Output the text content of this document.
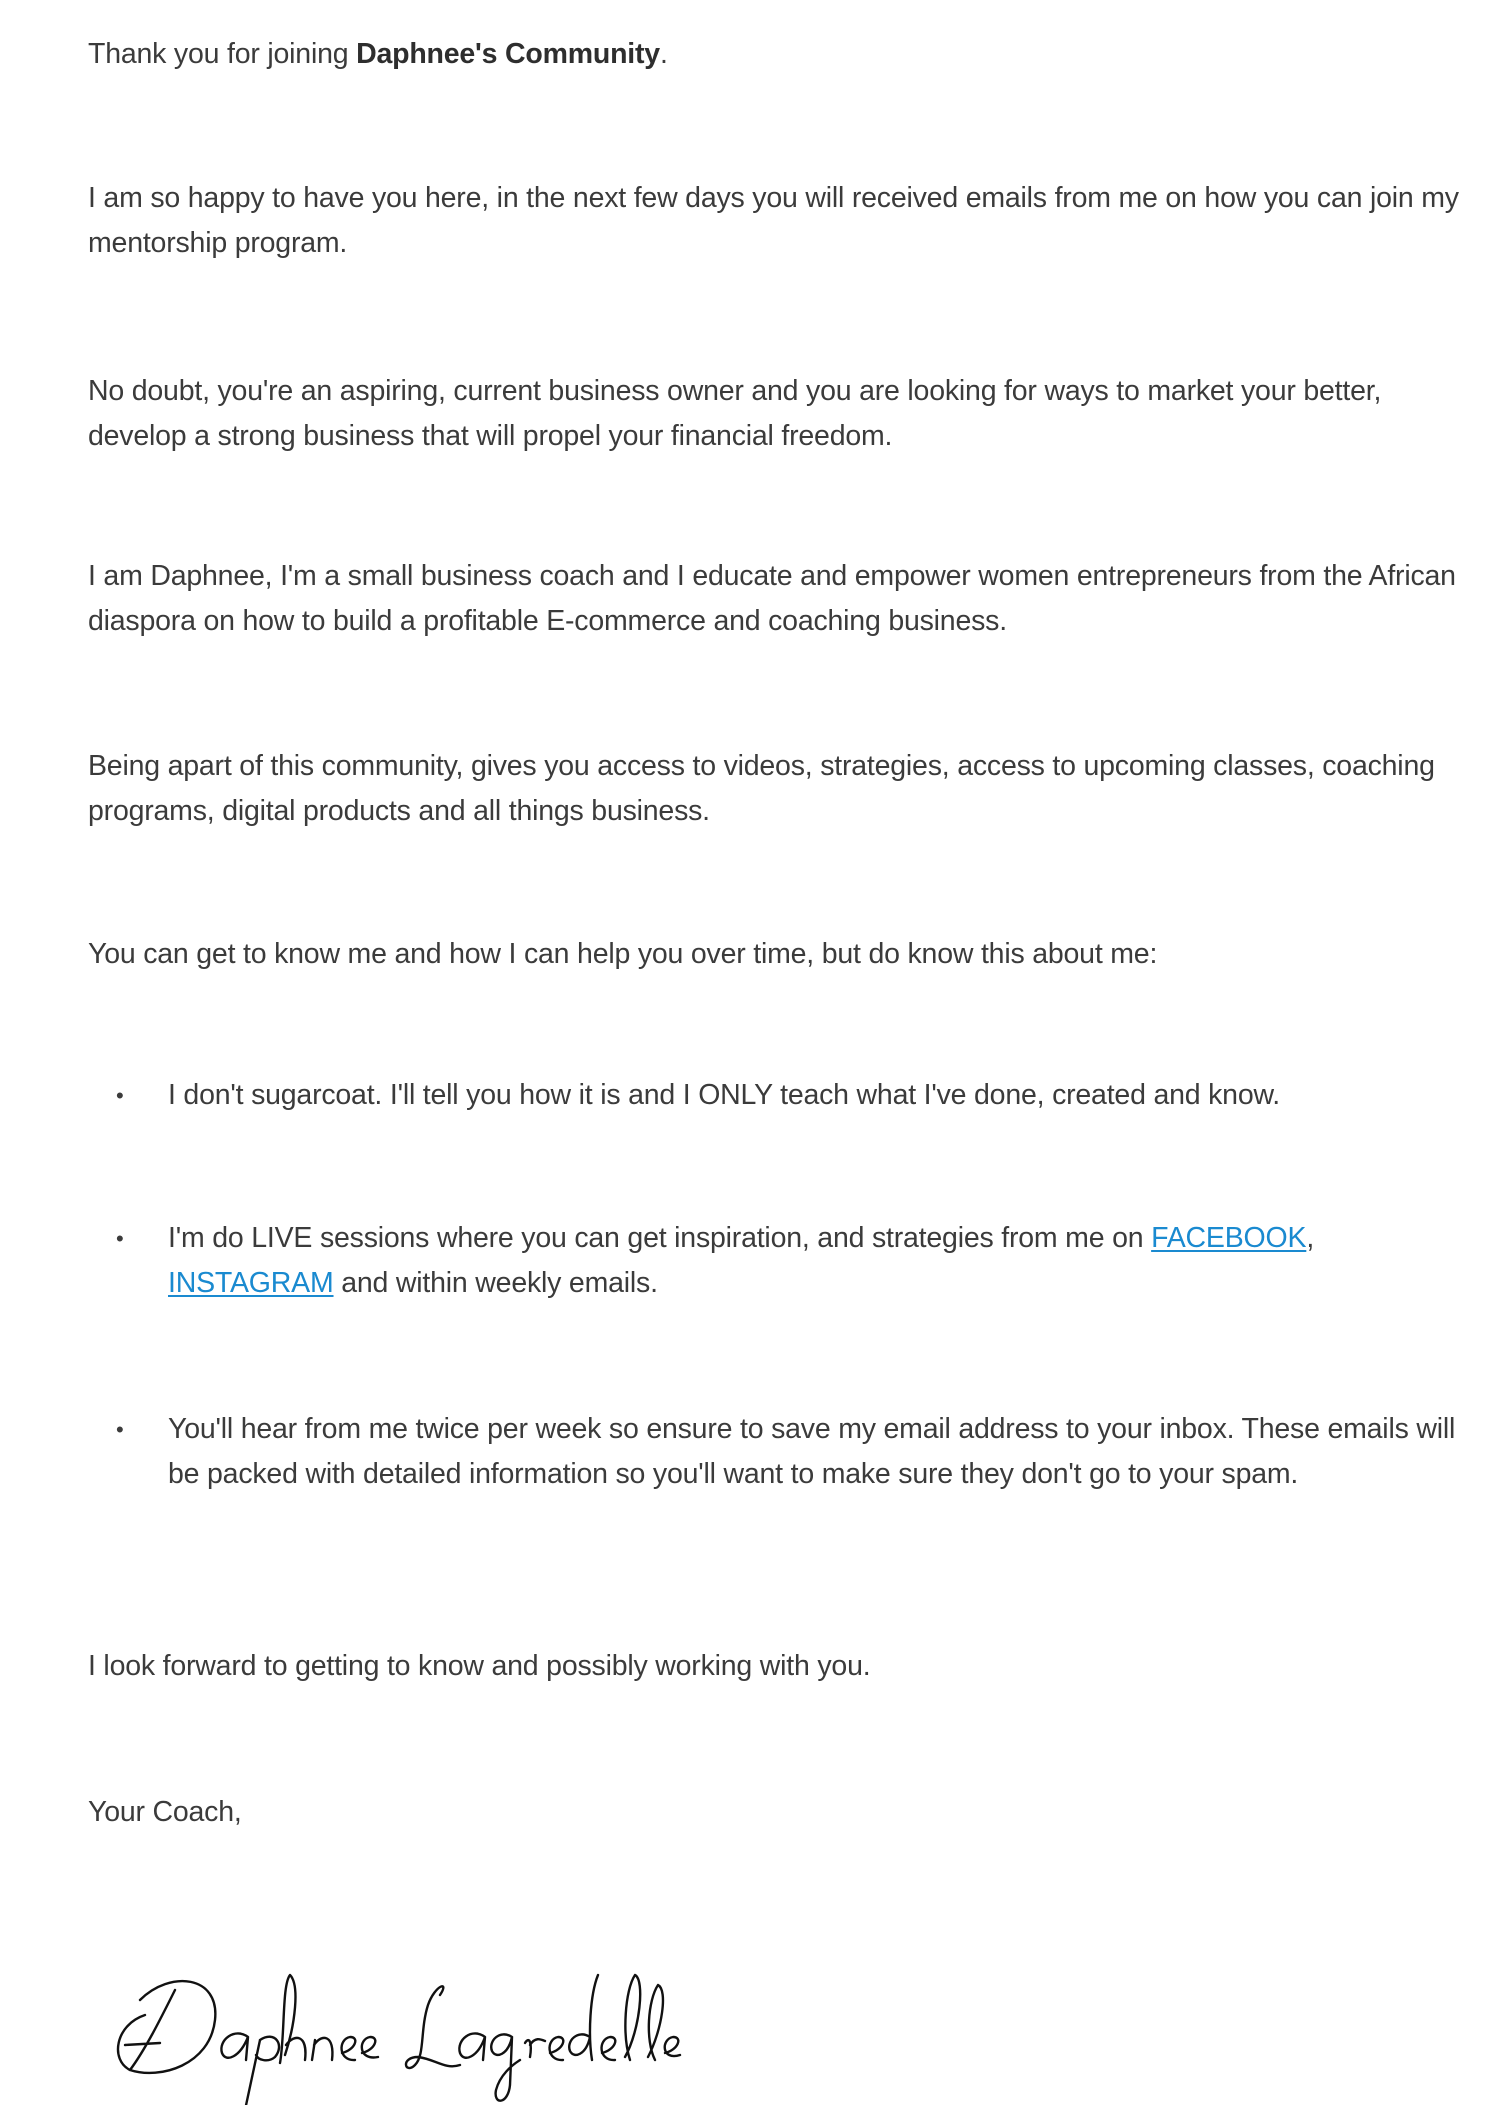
Thank you for joining Daphnee's Community.

I am so happy to have you here, in the next few days you will received emails from me on how you can join my mentorship program.

No doubt, you're an aspiring, current business owner and you are looking for ways to market your better, develop a strong business that will propel your financial freedom.

I am Daphnee, I'm a small business coach and I educate and empower women entrepreneurs from the African diaspora on how to build a profitable E-commerce and coaching business.

Being apart of this community, gives you access to videos, strategies, access to upcoming classes, coaching programs, digital products and all things business.

You can get to know me and how I can help you over time, but do know this about me:

• I don't sugarcoat. I'll tell you how it is and I ONLY teach what I've done, created and know.

• I'm do LIVE sessions where you can get inspiration, and strategies from me on FACEBOOK, INSTAGRAM and within weekly emails.

• You'll hear from me twice per week so ensure to save my email address to your inbox. These emails will be packed with detailed information so you'll want to make sure they don't go to your spam.

I look forward to getting to know and possibly working with you.

Your Coach,
